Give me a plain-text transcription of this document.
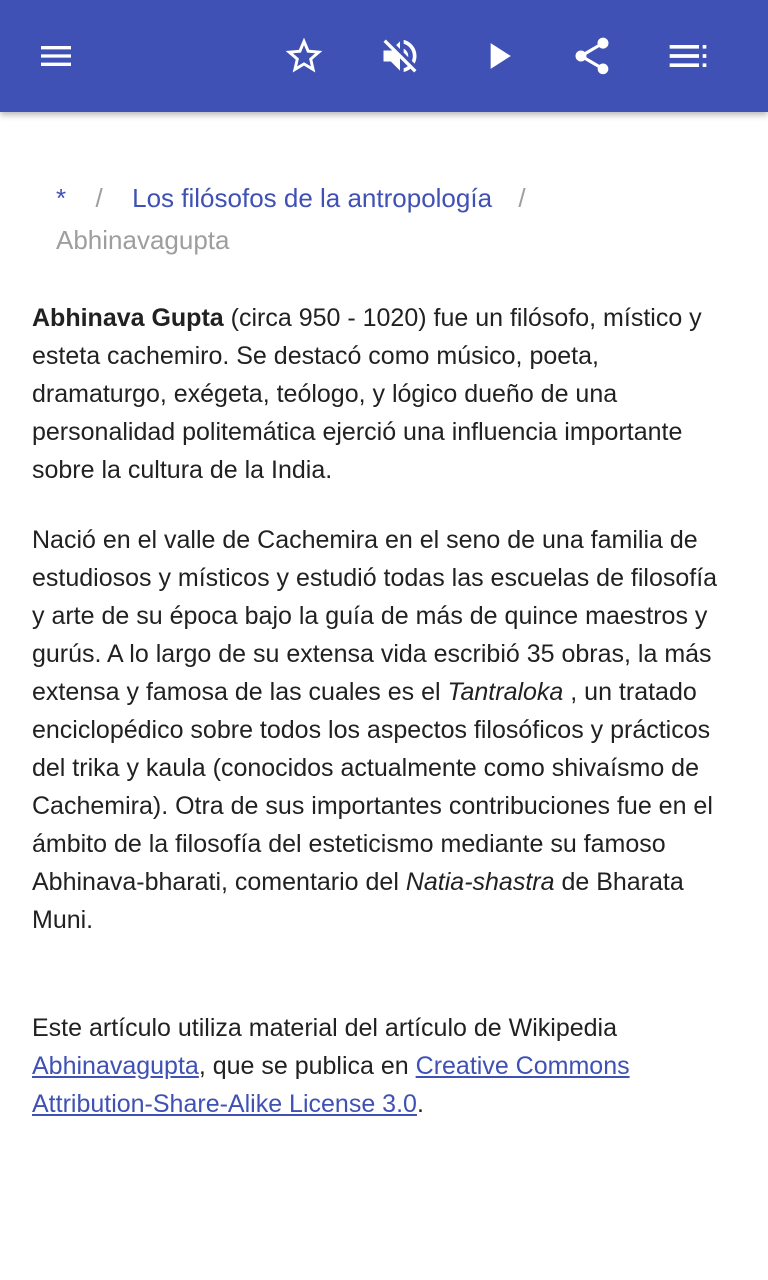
* / Los filósofos de la antropología /
Abhinavagupta

Abhinava Gupta (circa 950 - 1020) fue un filósofo, místico y esteta cachemiro. Se destacó como músico, poeta, dramaturgo, exégeta, teólogo, y lógico dueño de una personalidad politemática ejerció una influencia importante sobre la cultura de la India.

Nació en el valle de Cachemira en el seno de una familia de estudiosos y místicos y estudió todas las escuelas de filosofía y arte de su época bajo la guía de más de quince maestros y gurús. A lo largo de su extensa vida escribió 35 obras, la más extensa y famosa de las cuales es el Tantraloka , un tratado enciclopédico sobre todos los aspectos filosóficos y prácticos del trika y kaula (conocidos actualmente como shivaísmo de Cachemira). Otra de sus importantes contribuciones fue en el ámbito de la filosofía del esteticismo mediante su famoso Abhinava-bharati, comentario del Natia-shastra de Bharata Muni.

Este artículo utiliza material del artículo de Wikipedia Abhinavagupta, que se publica en Creative Commons Attribution-Share-Alike License 3.0.
